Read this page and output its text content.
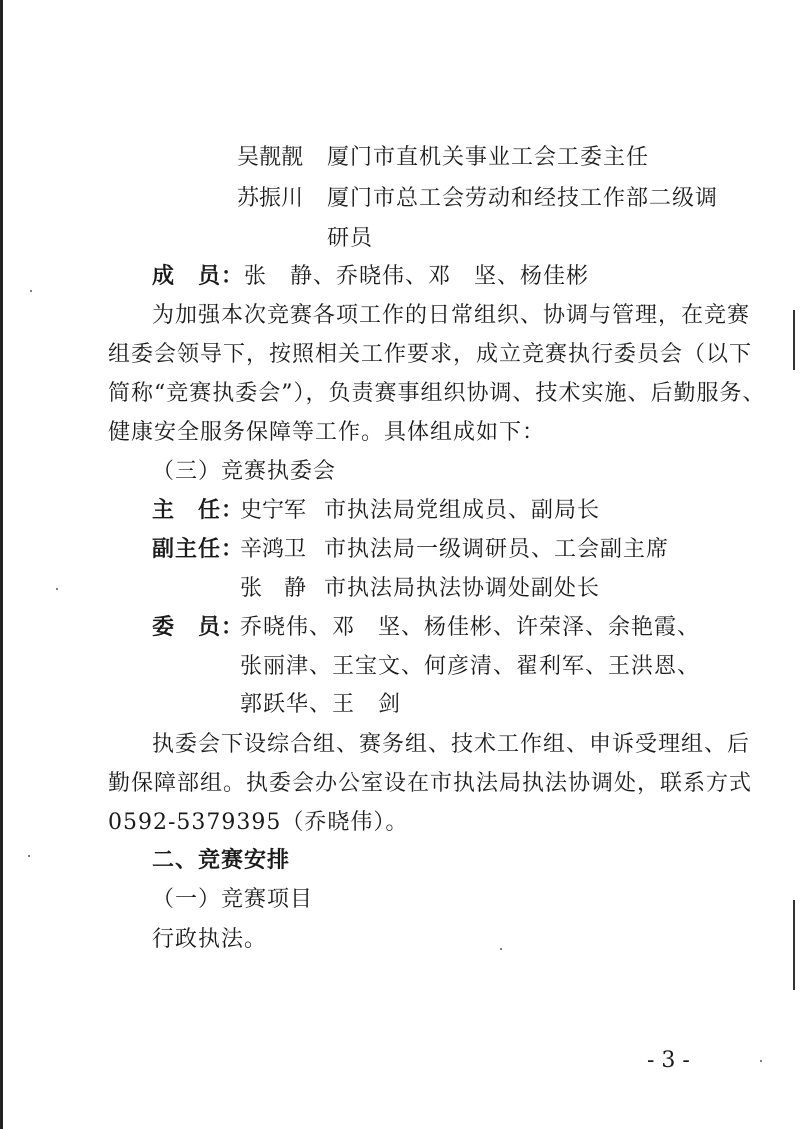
吴靓靓 厦门市直机关事业工会工委主任
苏振川 厦门市总工会劳动和经技工作部二级调
研员
成　员：张　静、乔晓伟、邓　坚、杨佳彬
为加强本次竞赛各项工作的日常组织、协调与管理，在竞赛
组委会领导下，按照相关工作要求，成立竞赛执行委员会（以下
简称“竞赛执委会”），负责赛事组织协调、技术实施、后勤服务、
健康安全服务保障等工作。具体组成如下：
（三）竞赛执委会
主　任：史宁军 市执法局党组成员、副局长
副主任：辛鸿卫 市执法局一级调研员、工会副主席
张　静 市执法局执法协调处副处长
委　员：乔晓伟、邓　坚、杨佳彬、许荣泽、余艳霞、
张丽津、王宝文、何彦清、翟利军、王洪恩、
郭跃华、王　剑
执委会下设综合组、赛务组、技术工作组、申诉受理组、后
勤保障部组。执委会办公室设在市执法局执法协调处，联系方式
0592-5379395（乔晓伟）。
二、竞赛安排
（一）竞赛项目
行政执法。
- 3 -
